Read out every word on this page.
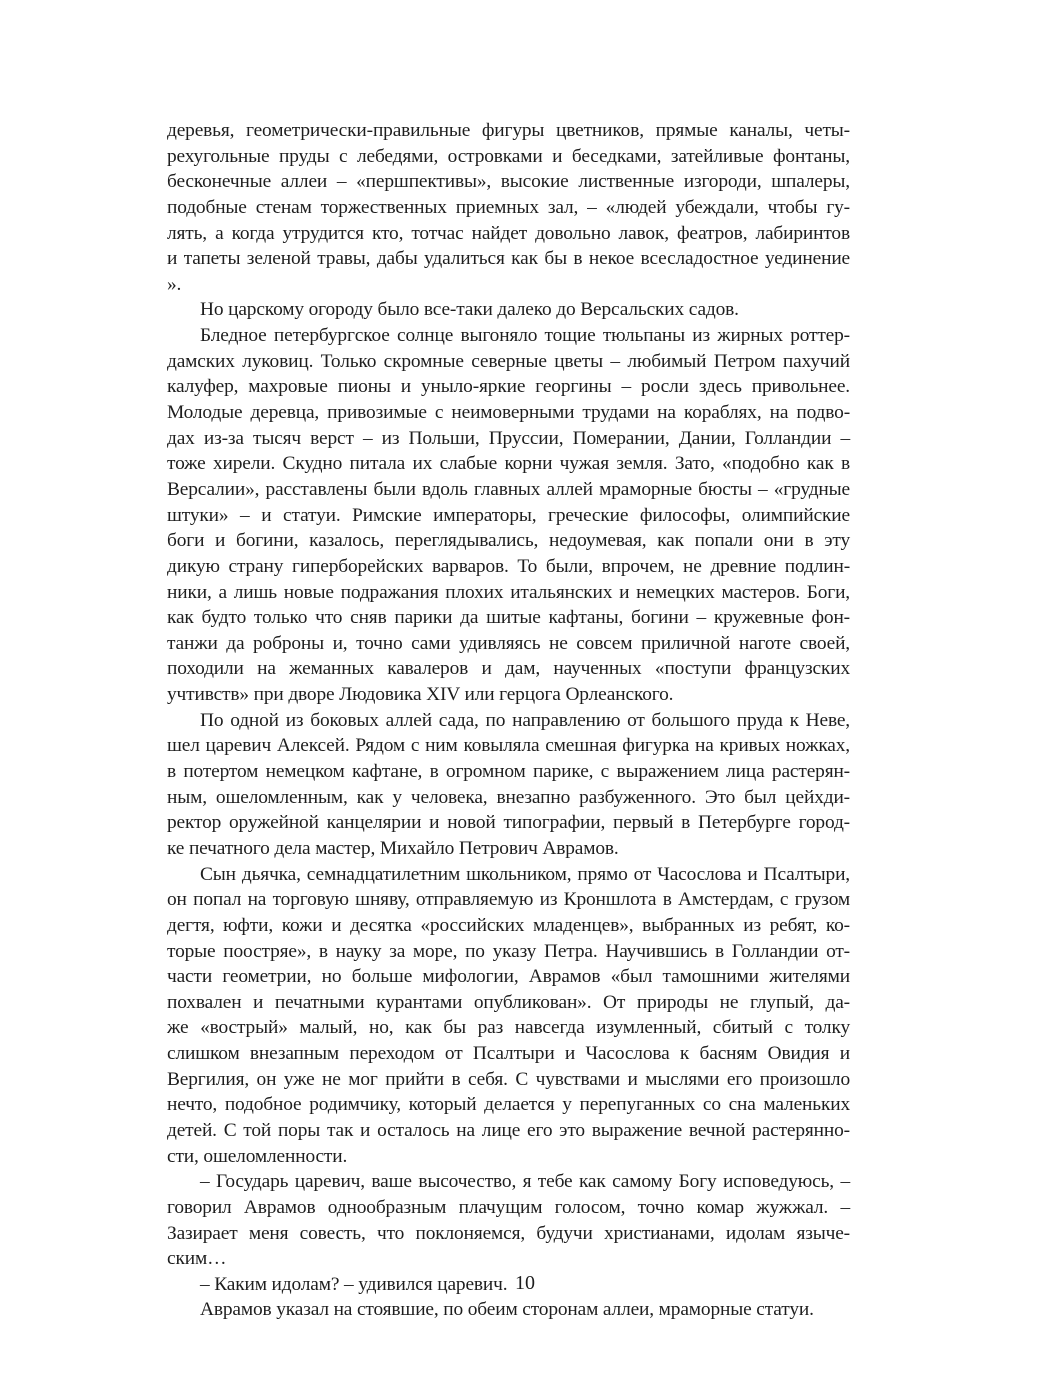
деревья, геометрически-правильные фигуры цветников, прямые каналы, четы-
рехугольные пруды с лебедями, островками и беседками, затейливые фонтаны,
бесконечные аллеи – «першпективы», высокие лиственные изгороди, шпалеры,
подобные стенам торжественных приемных зал, – «людей убеждали, чтобы гу-
лять, а когда утрудится кто, тотчас найдет довольно лавок, феатров, лабиринтов
и тапеты зеленой травы, дабы удалиться как бы в некое всесладостное уединение
».
Но царскому огороду было все-таки далеко до Версальских садов.
Бледное петербургское солнце выгоняло тощие тюльпаны из жирных роттер-
дамских луковиц. Только скромные северные цветы – любимый Петром пахучий
калуфер, махровые пионы и уныло-яркие георгины – росли здесь привольнее.
Молодые деревца, привозимые с неимоверными трудами на кораблях, на подво-
дах из-за тысяч верст – из Польши, Пруссии, Померании, Дании, Голландии –
тоже хирели. Скудно питала их слабые корни чужая земля. Зато, «подобно как в
Версалии», расставлены были вдоль главных аллей мраморные бюсты – «грудные
штуки» – и статуи. Римские императоры, греческие философы, олимпийские
боги и богини, казалось, переглядывались, недоумевая, как попали они в эту
дикую страну гиперборейских варваров. То были, впрочем, не древние подлин-
ники, а лишь новые подражания плохих итальянских и немецких мастеров. Боги,
как будто только что сняв парики да шитые кафтаны, богини – кружевные фон-
танжи да роброны и, точно сами удивляясь не совсем приличной наготе своей,
походили на жеманных кавалеров и дам, наученных «поступи французских
учтивств» при дворе Людовика XIV или герцога Орлеанского.
По одной из боковых аллей сада, по направлению от большого пруда к Неве,
шел царевич Алексей. Рядом с ним ковыляла смешная фигурка на кривых ножках,
в потертом немецком кафтане, в огромном парике, с выражением лица растерян-
ным, ошеломленным, как у человека, внезапно разбуженного. Это был цейхди-
ректор оружейной канцелярии и новой типографии, первый в Петербурге город-
ке печатного дела мастер, Михайло Петрович Аврамов.
Сын дьячка, семнадцатилетним школьником, прямо от Часослова и Псалтыри,
он попал на торговую шняву, отправляемую из Кроншлота в Амстердам, с грузом
дегтя, юфти, кожи и десятка «российских младенцев», выбранных из ребят, ко-
торые поостряе», в науку за море, по указу Петра. Научившись в Голландии от-
части геометрии, но больше мифологии, Аврамов «был тамошними жителями
похвален и печатными курантами опубликован». От природы не глупый, да-
же «вострый» малый, но, как бы раз навсегда изумленный, сбитый с толку
слишком внезапным переходом от Псалтыри и Часослова к басням Овидия и
Вергилия, он уже не мог прийти в себя. С чувствами и мыслями его произошло
нечто, подобное родимчику, который делается у перепуганных со сна маленьких
детей. С той поры так и осталось на лице его это выражение вечной растерянно-
сти, ошеломленности.
– Государь царевич, ваше высочество, я тебе как самому Богу исповедуюсь, –
говорил Аврамов однообразным плачущим голосом, точно комар жужжал. –
Зазирает меня совесть, что поклоняемся, будучи христианами, идолам языче-
ским…
– Каким идолам? – удивился царевич.
Аврамов указал на стоявшие, по обеим сторонам аллеи, мраморные статуи.
10
